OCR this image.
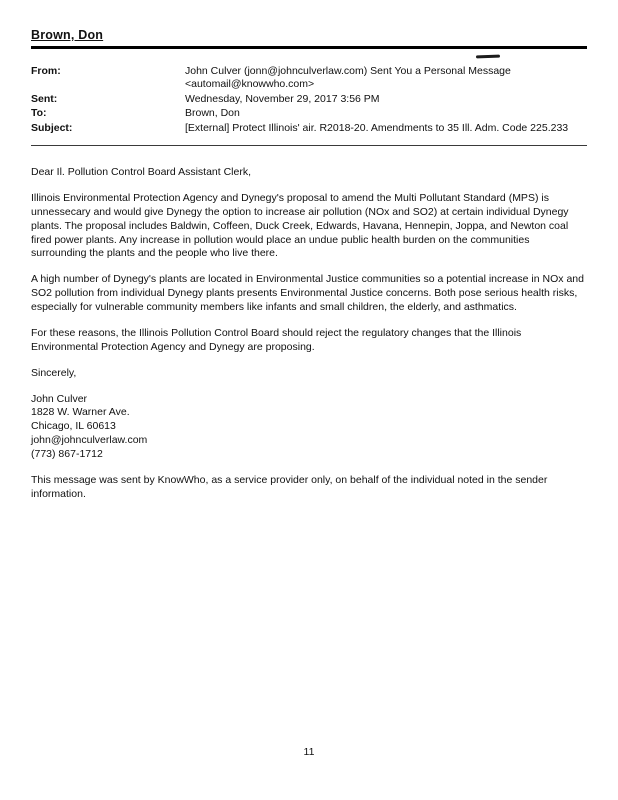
Brown, Don
From:	John Culver (jonn@johnculverlaw.com) Sent You a Personal Message
<automail@knowwho.com>
Sent:	Wednesday, November 29, 2017 3:56 PM
To:	Brown, Don
Subject:	[External] Protect Illinois' air. R2018-20. Amendments to 35 Ill. Adm. Code 225.233
Dear Il. Pollution Control Board Assistant Clerk,
Illinois Environmental Protection Agency and Dynegy's proposal to amend the Multi Pollutant Standard (MPS) is unnessecary and would give Dynegy the option to increase air pollution (NOx and SO2) at certain individual Dynegy plants. The proposal includes Baldwin, Coffeen, Duck Creek, Edwards, Havana, Hennepin, Joppa, and Newton coal fired power plants. Any increase in pollution would place an undue public health burden on the communities surrounding the plants and the people who live there.
A high number of Dynegy's plants are located in Environmental Justice communities so a potential increase in NOx and SO2 pollution from individual Dynegy plants presents Environmental Justice concerns. Both pose serious health risks, especially for vulnerable community members like infants and small children, the elderly, and asthmatics.
For these reasons, the Illinois Pollution Control Board should reject the regulatory changes that the Illinois Environmental Protection Agency and Dynegy are proposing.
Sincerely,
John Culver
1828 W. Warner Ave.
Chicago, IL 60613
john@johnculverlaw.com
(773) 867-1712
This message was sent by KnowWho, as a service provider only, on behalf of the individual noted in the sender information.
11
